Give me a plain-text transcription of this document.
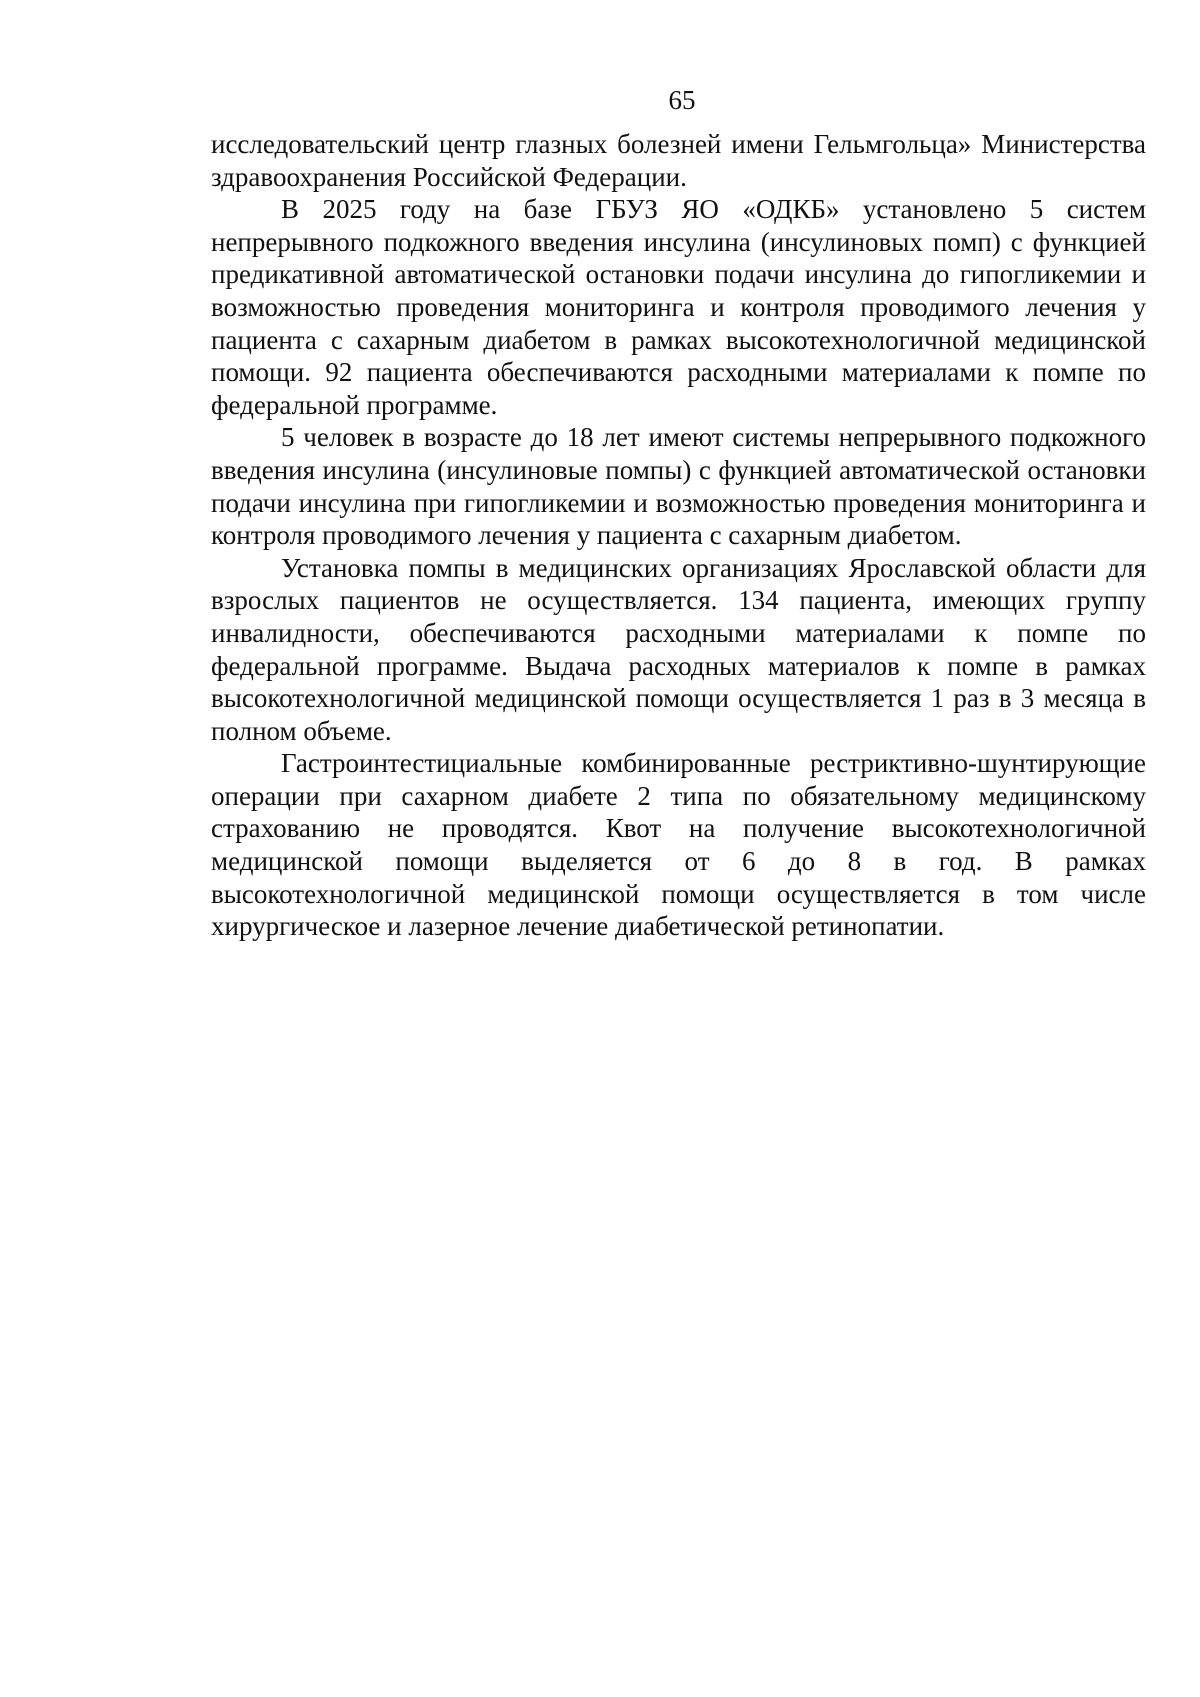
65

исследовательский центр глазных болезней имени Гельмгольца» Министерства здравоохранения Российской Федерации.

В 2025 году на базе ГБУЗ ЯО «ОДКБ» установлено 5 систем непрерывного подкожного введения инсулина (инсулиновых помп) с функцией предикативной автоматической остановки подачи инсулина до гипогликемии и возможностью проведения мониторинга и контроля проводимого лечения у пациента с сахарным диабетом в рамках высокотехнологичной медицинской помощи. 92 пациента обеспечиваются расходными материалами к помпе по федеральной программе.

5 человек в возрасте до 18 лет имеют системы непрерывного подкожного введения инсулина (инсулиновые помпы) с функцией автоматической остановки подачи инсулина при гипогликемии и возможностью проведения мониторинга и контроля проводимого лечения у пациента с сахарным диабетом.

Установка помпы в медицинских организациях Ярославской области для взрослых пациентов не осуществляется. 134 пациента, имеющих группу инвалидности, обеспечиваются расходными материалами к помпе по федеральной программе. Выдача расходных материалов к помпе в рамках высокотехнологичной медицинской помощи осуществляется 1 раз в 3 месяца в полном объеме.

Гастроинтестициальные комбинированные рестриктивно-шунтирующие операции при сахарном диабете 2 типа по обязательному медицинскому страхованию не проводятся. Квот на получение высокотехнологичной медицинской помощи выделяется от 6 до 8 в год. В рамках высокотехнологичной медицинской помощи осуществляется в том числе хирургическое и лазерное лечение диабетической ретинопатии.
